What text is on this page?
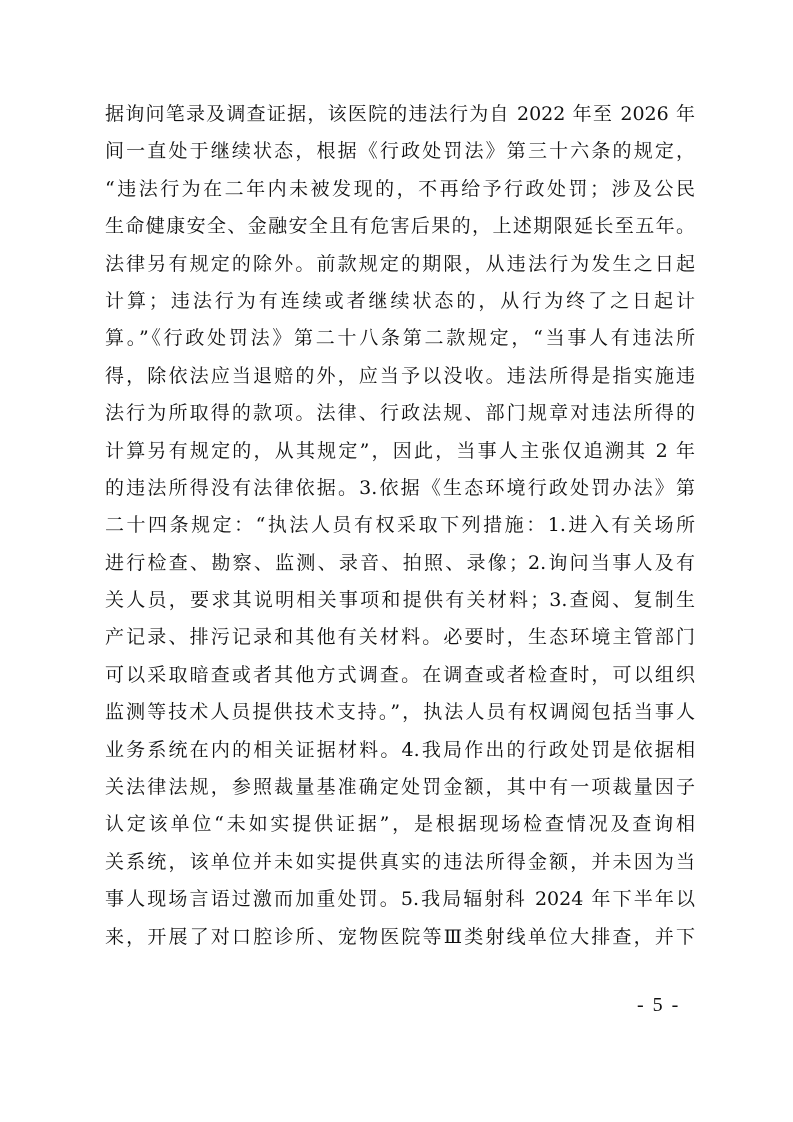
据询问笔录及调查证据，该医院的违法行为自 2022 年至 2026 年
间一直处于继续状态，根据《行政处罚法》第三十六条的规定，
“违法行为在二年内未被发现的，不再给予行政处罚；涉及公民
生命健康安全、金融安全且有危害后果的，上述期限延长至五年。
法律另有规定的除外。前款规定的期限，从违法行为发生之日起
计算；违法行为有连续或者继续状态的，从行为终了之日起计
算。”《行政处罚法》第二十八条第二款规定，“当事人有违法所
得，除依法应当退赔的外，应当予以没收。违法所得是指实施违
法行为所取得的款项。法律、行政法规、部门规章对违法所得的
计算另有规定的，从其规定”，因此，当事人主张仅追溯其 2 年
的违法所得没有法律依据。3.依据《生态环境行政处罚办法》第
二十四条规定：“执法人员有权采取下列措施：1.进入有关场所
进行检查、勘察、监测、录音、拍照、录像；2.询问当事人及有
关人员，要求其说明相关事项和提供有关材料；3.查阅、复制生
产记录、排污记录和其他有关材料。必要时，生态环境主管部门
可以采取暗查或者其他方式调查。在调查或者检查时，可以组织
监测等技术人员提供技术支持。”，执法人员有权调阅包括当事人
业务系统在内的相关证据材料。4.我局作出的行政处罚是依据相
关法律法规，参照裁量基准确定处罚金额，其中有一项裁量因子
认定该单位“未如实提供证据”，是根据现场检查情况及查询相
关系统，该单位并未如实提供真实的违法所得金额，并未因为当
事人现场言语过激而加重处罚。5.我局辐射科 2024 年下半年以
来，开展了对口腔诊所、宠物医院等Ⅲ类射线单位大排查，并下
- 5 -
